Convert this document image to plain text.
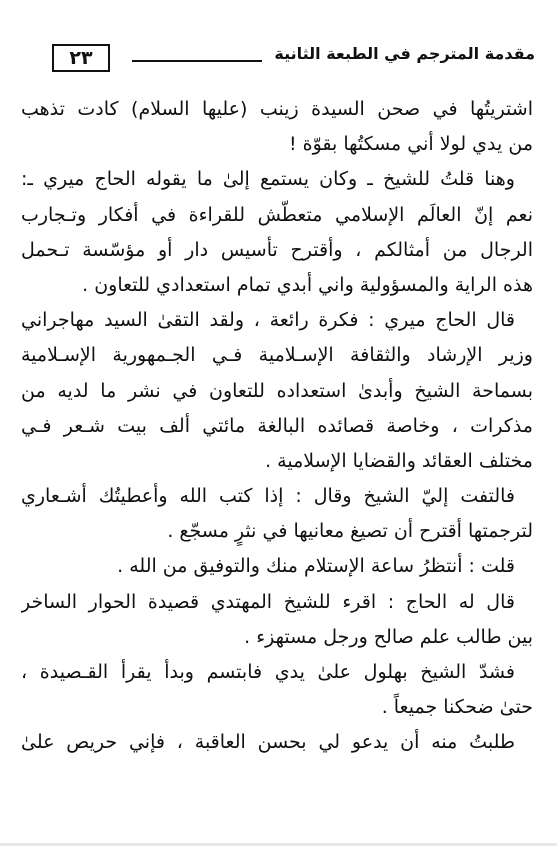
٢٣	مقدمة المترجم في الطبعة الثانية
اشتريتُها في صحن السيدة زينب (عليها السلام) كادت تذهب
من يدي لولا أني مسكتُها بقوّة !
وهنا قلتُ للشيخ ـ وكان يستمع إلىٰ ما يقوله الحاج ميري ـ:
نعم إنّ العالَم الإسلامي متعطّش للقراءة في أفكار وتـجارب
الرجال من أمثالكم ، وأقترح تأسيس دار أو مؤسّسة تـحمل
هذه الراية والمسؤولية واني أبدي تمام استعدادي للتعاون .
قال الحاج ميري : فكرة رائعة ، ولقد التقىٰ السيد مهاجراني
وزير الإرشاد والثقافة الإسـلامية فـي الجـمهورية الإسـلامية
بسماحة الشيخ وأبدىٰ استعداده للتعاون في نشر ما لديه من
مذكرات ، وخاصة قصائده البالغة مائتي ألف بيت شـعر فـي
مختلف العقائد والقضايا الإسلامية .
فالتفت إليّ الشيخ وقال : إذا كتب الله وأعطيتُك أشـعاري
لترجمتها أقترح أن تصيغ معانيها في نثرٍ مسجّع .
قلت : أنتظرُ ساعة الإستلام منك والتوفيق من الله .
قال له الحاج : اقرء للشيخ المهتدي قصيدة الحوار الساخر
بين طالب علم صالح ورجل مستهزء .
فشدّ الشيخ بهلول علىٰ يدي فابتسم وبدأ يقرأ القـصيدة ،
حتىٰ ضحكنا جميعاً .
طلبتُ منه أن يدعو لي بحسن العاقبة ، فإني حريص علىٰ
